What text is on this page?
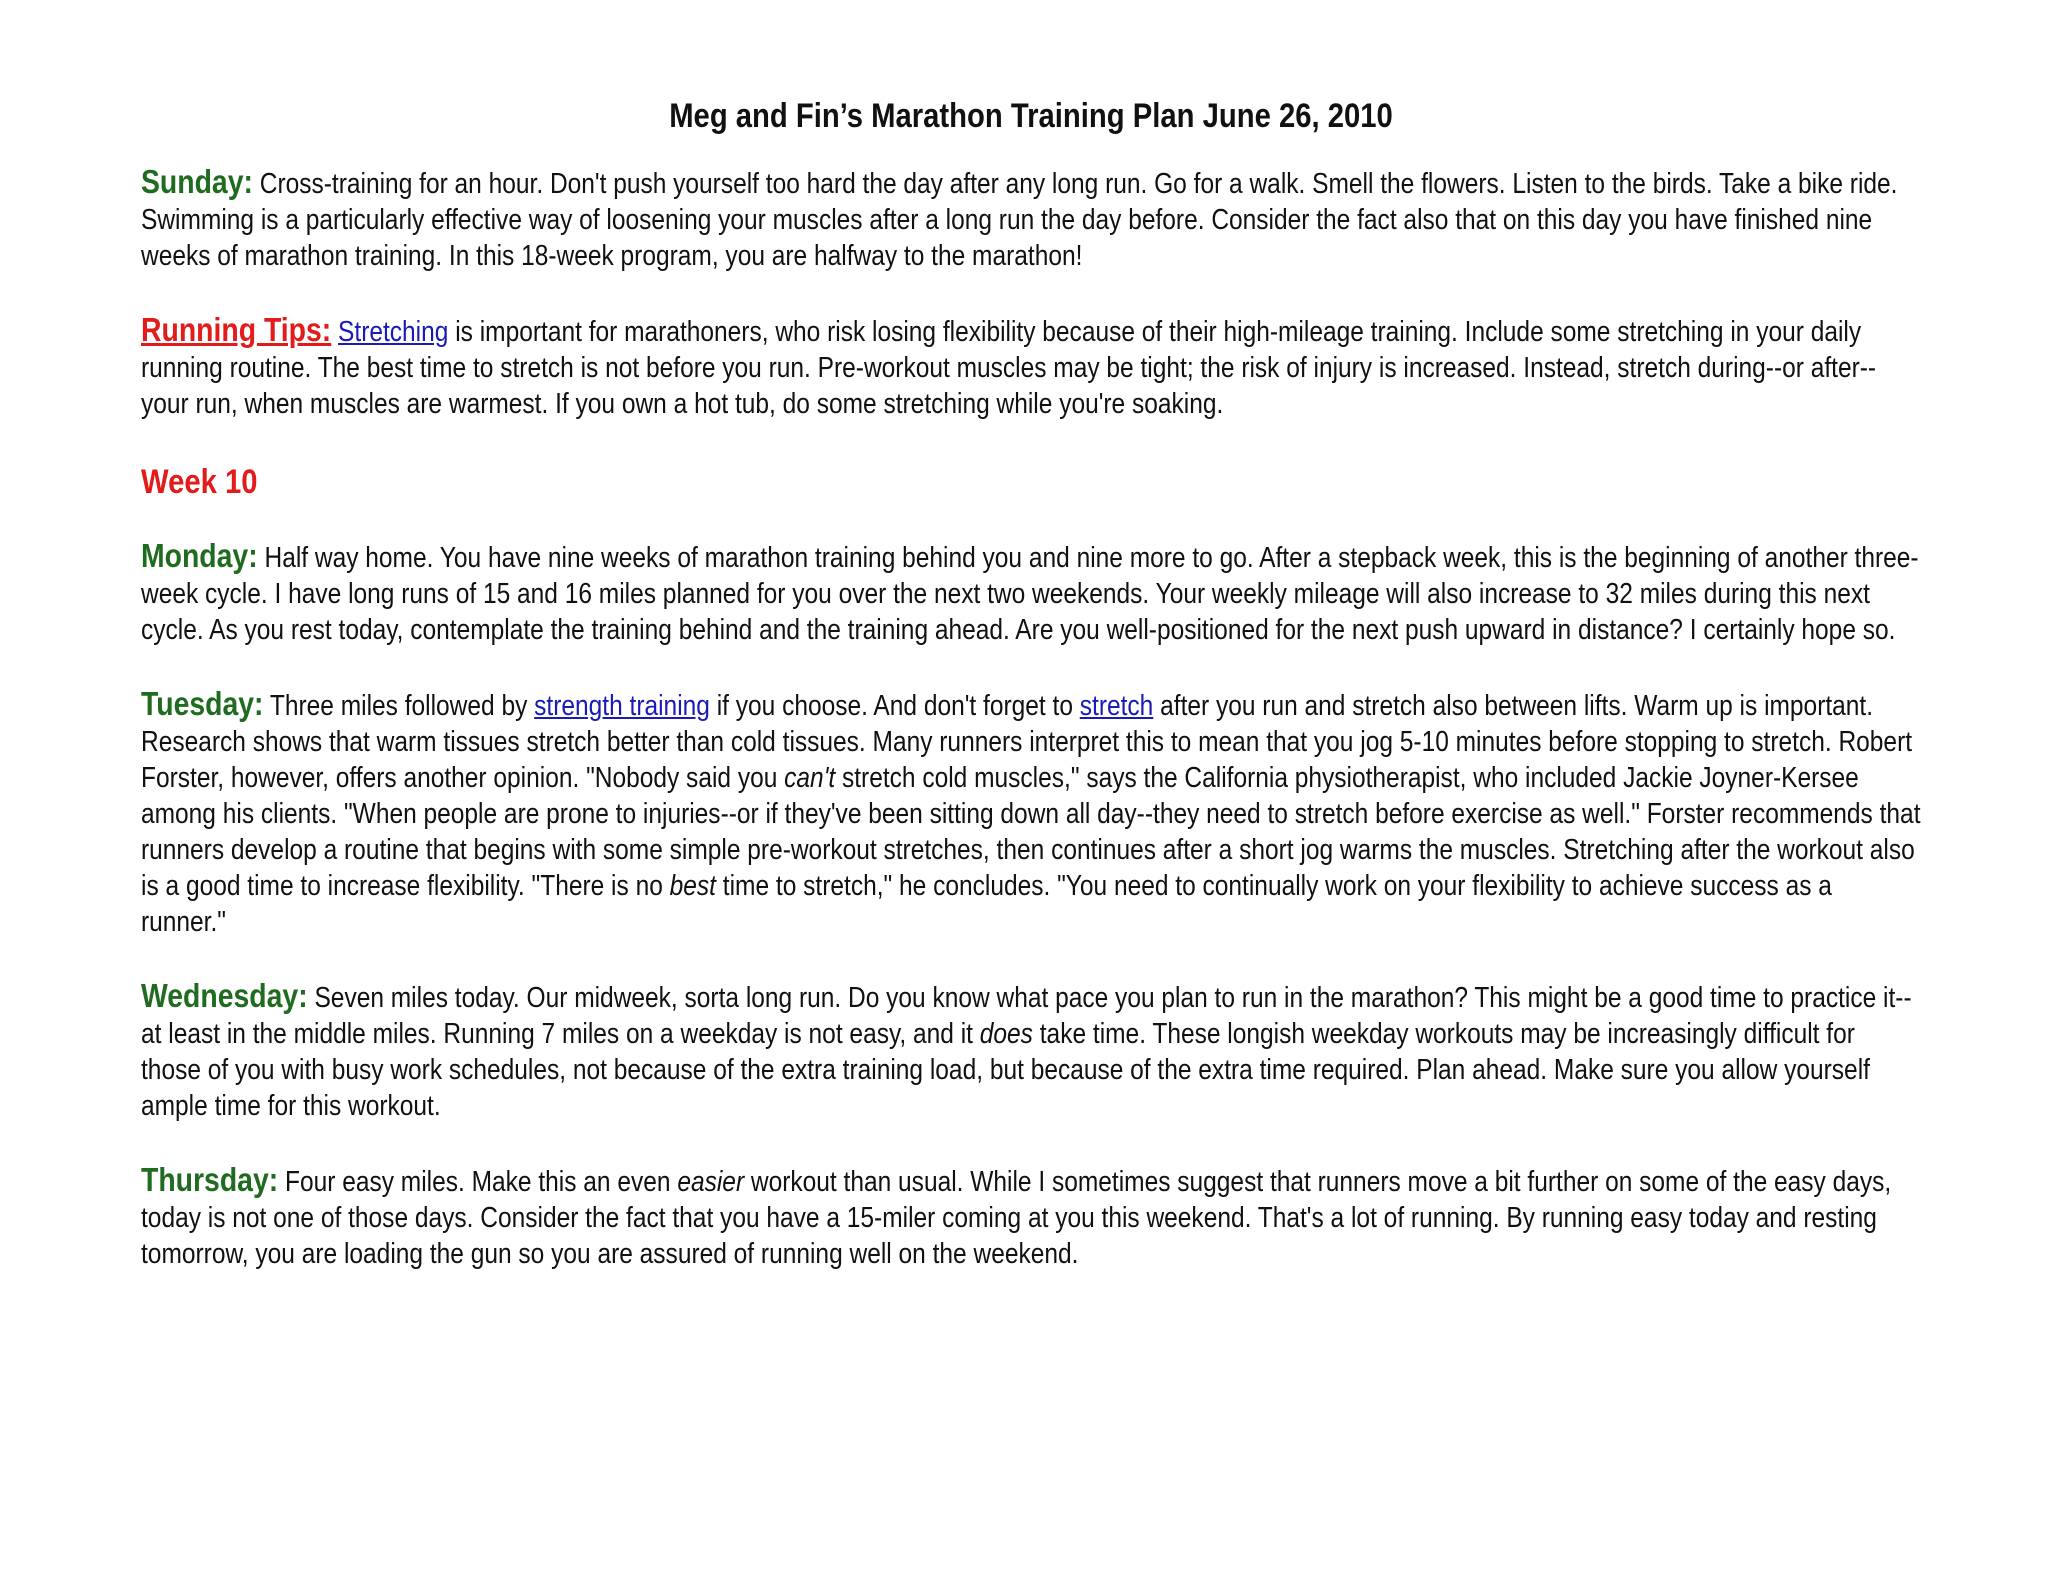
Meg and Fin’s Marathon Training Plan June 26, 2010

Sunday: Cross-training for an hour. Don't push yourself too hard the day after any long run. Go for a walk. Smell the flowers. Listen to the birds. Take a bike ride. Swimming is a particularly effective way of loosening your muscles after a long run the day before. Consider the fact also that on this day you have finished nine weeks of marathon training. In this 18-week program, you are halfway to the marathon!

Running Tips: Stretching is important for marathoners, who risk losing flexibility because of their high-mileage training. Include some stretching in your daily running routine. The best time to stretch is not before you run. Pre-workout muscles may be tight; the risk of injury is increased. Instead, stretch during--or after--your run, when muscles are warmest. If you own a hot tub, do some stretching while you're soaking.

Week 10

Monday: Half way home. You have nine weeks of marathon training behind you and nine more to go. After a stepback week, this is the beginning of another three-week cycle. I have long runs of 15 and 16 miles planned for you over the next two weekends. Your weekly mileage will also increase to 32 miles during this next cycle. As you rest today, contemplate the training behind and the training ahead. Are you well-positioned for the next push upward in distance? I certainly hope so.

Tuesday: Three miles followed by strength training if you choose. And don't forget to stretch after you run and stretch also between lifts. Warm up is important. Research shows that warm tissues stretch better than cold tissues. Many runners interpret this to mean that you jog 5-10 minutes before stopping to stretch. Robert Forster, however, offers another opinion. "Nobody said you can't stretch cold muscles," says the California physiotherapist, who included Jackie Joyner-Kersee among his clients. "When people are prone to injuries--or if they've been sitting down all day--they need to stretch before exercise as well." Forster recommends that runners develop a routine that begins with some simple pre-workout stretches, then continues after a short jog warms the muscles. Stretching after the workout also is a good time to increase flexibility. "There is no best time to stretch," he concludes. "You need to continually work on your flexibility to achieve success as a runner."

Wednesday: Seven miles today. Our midweek, sorta long run. Do you know what pace you plan to run in the marathon? This might be a good time to practice it--at least in the middle miles. Running 7 miles on a weekday is not easy, and it does take time. These longish weekday workouts may be increasingly difficult for those of you with busy work schedules, not because of the extra training load, but because of the extra time required. Plan ahead. Make sure you allow yourself ample time for this workout.

Thursday: Four easy miles. Make this an even easier workout than usual. While I sometimes suggest that runners move a bit further on some of the easy days, today is not one of those days. Consider the fact that you have a 15-miler coming at you this weekend. That's a lot of running. By running easy today and resting tomorrow, you are loading the gun so you are assured of running well on the weekend.
